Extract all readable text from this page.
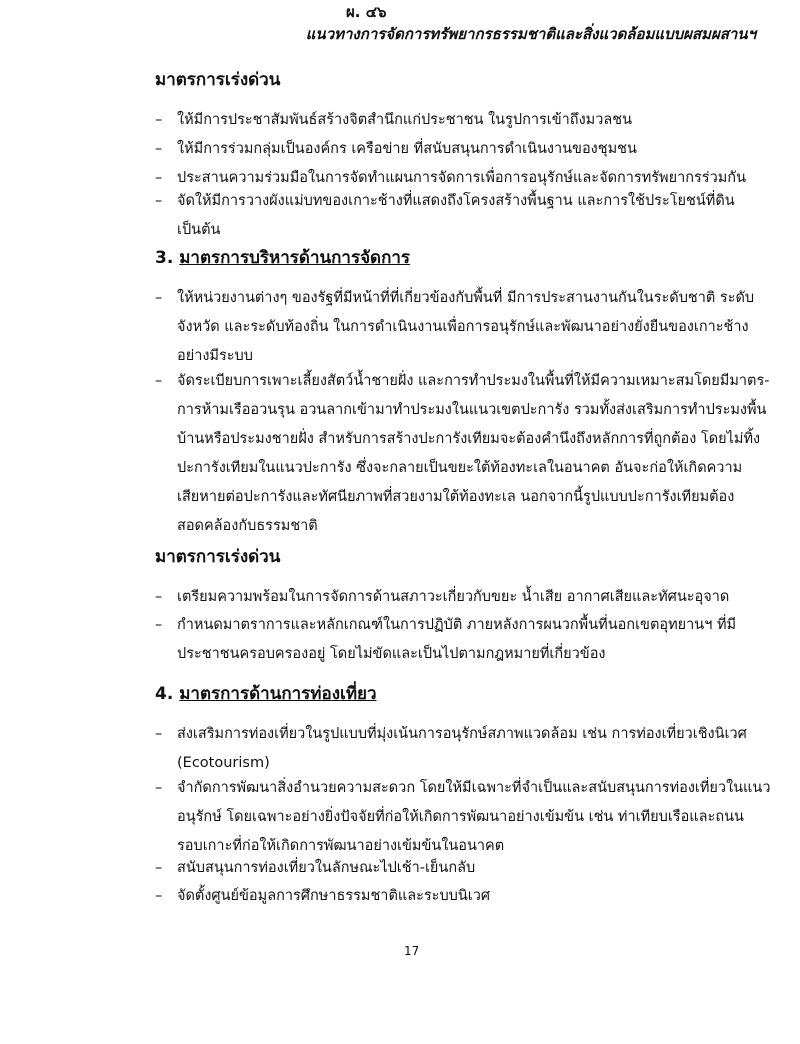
ผ. ๔๖
แนวทางการจัดการทรัพยากรธรรมชาติและสิ่งแวดล้อมแบบผสมผสานฯ
มาตรการเร่งด่วน
– ให้มีการประชาสัมพันธ์สร้างจิตสำนึกแก่ประชาชน ในรูปการเข้าถึงมวลชน
– ให้มีการร่วมกลุ่มเป็นองค์กร เครือข่าย ที่สนับสนุนการดำเนินงานของชุมชน
– ประสานความร่วมมือในการจัดทำแผนการจัดการเพื่อการอนุรักษ์และจัดการทรัพยากรร่วมกัน
– จัดให้มีการวางผังแม่บทของเกาะช้างที่แสดงถึงโครงสร้างพื้นฐาน และการใช้ประโยชน์ที่ดิน
เป็นต้น
3. มาตรการบริหารด้านการจัดการ
– ให้หน่วยงานต่างๆ ของรัฐที่มีหน้าที่ที่เกี่ยวข้องกับพื้นที่ มีการประสานงานกันในระดับชาติ ระดับ
จังหวัด และระดับท้องถิ่น ในการดำเนินงานเพื่อการอนุรักษ์และพัฒนาอย่างยั่งยืนของเกาะช้าง
อย่างมีระบบ
– จัดระเบียบการเพาะเลี้ยงสัตว์น้ำชายฝั่ง และการทำประมงในพื้นที่ให้มีความเหมาะสมโดยมีมาตร-
การห้ามเรืออวนรุน อวนลากเข้ามาทำประมงในแนวเขตปะการัง รวมทั้งส่งเสริมการทำประมงพื้น
บ้านหรือประมงชายฝั่ง สำหรับการสร้างปะการังเทียมจะต้องคำนึงถึงหลักการที่ถูกต้อง โดยไม่ทิ้ง
ปะการังเทียมในแนวปะการัง ซึ่งจะกลายเป็นขยะใต้ท้องทะเลในอนาคต อันจะก่อให้เกิดความ
เสียหายต่อปะการังและทัศนียภาพที่สวยงามใต้ท้องทะเล นอกจากนี้รูปแบบปะการังเทียมต้อง
สอดคล้องกับธรรมชาติ
มาตรการเร่งด่วน
– เตรียมความพร้อมในการจัดการด้านสภาวะเกี่ยวกับขยะ น้ำเสีย อากาศเสียและทัศนะอุจาด
– กำหนดมาตราการและหลักเกณฑ์ในการปฏิบัติ ภายหลังการผนวกพื้นที่นอกเขตอุทยานฯ ที่มี
ประชาชนครอบครองอยู่ โดยไม่ขัดและเป็นไปตามกฎหมายที่เกี่ยวข้อง
4. มาตรการด้านการท่องเที่ยว
– ส่งเสริมการท่องเที่ยวในรูปแบบที่มุ่งเน้นการอนุรักษ์สภาพแวดล้อม เช่น การท่องเที่ยวเชิงนิเวศ
(Ecotourism)
– จำกัดการพัฒนาสิ่งอำนวยความสะดวก โดยให้มีเฉพาะที่จำเป็นและสนับสนุนการท่องเที่ยวในแนว
อนุรักษ์ โดยเฉพาะอย่างยิ่งปัจจัยที่ก่อให้เกิดการพัฒนาอย่างเข้มข้น เช่น ท่าเทียบเรือและถนน
รอบเกาะที่ก่อให้เกิดการพัฒนาอย่างเข้มข้นในอนาคต
– สนับสนุนการท่องเที่ยวในลักษณะไปเช้า-เย็นกลับ
– จัดตั้งศูนย์ข้อมูลการศึกษาธรรมชาติและระบบนิเวศ
17
